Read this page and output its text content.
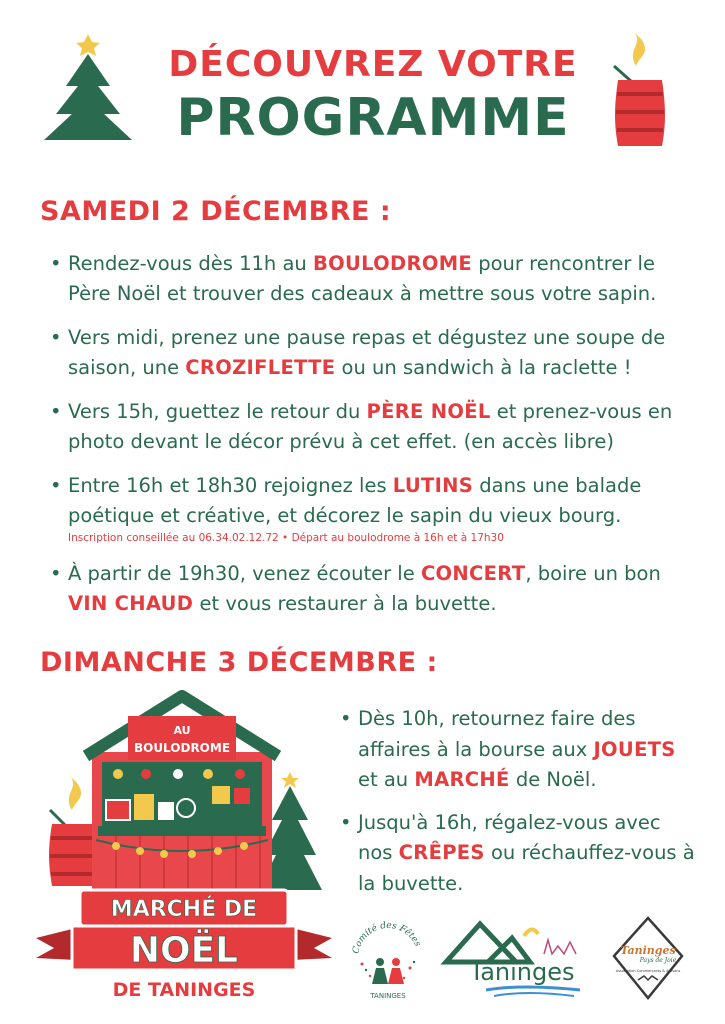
DÉCOUVREZ VOTRE
PROGRAMME
SAMEDI 2 DÉCEMBRE :
• Rendez-vous dès 11h au BOULODROME pour rencontrer le Père Noël et trouver des cadeaux à mettre sous votre sapin.
• Vers midi, prenez une pause repas et dégustez une soupe de saison, une CROZIFLETTE ou un sandwich à la raclette !
• Vers 15h, guettez le retour du PÈRE NOËL et prenez-vous en photo devant le décor prévu à cet effet. (en accès libre)
• Entre 16h et 18h30 rejoignez les LUTINS dans une balade poétique et créative, et décorez le sapin du vieux bourg.
Inscription conseillée au 06.34.02.12.72 • Départ au boulodrome à 16h et à 17h30
• À partir de 19h30, venez écouter le CONCERT, boire un bon VIN CHAUD et vous restaurer à la buvette.
DIMANCHE 3 DÉCEMBRE :
• Dès 10h, retournez faire des affaires à la bourse aux JOUETS et au MARCHÉ de Noël.
• Jusqu'à 16h, régalez-vous avec nos CRÊPES ou réchauffez-vous à la buvette.
AU
BOULODROME
MARCHÉ DE
NOËL
DE TANINGES
Comité des Fêtes
TANINGES
Taninges
Taninges
Pays de Joie
Association Commerçants & Artisans
